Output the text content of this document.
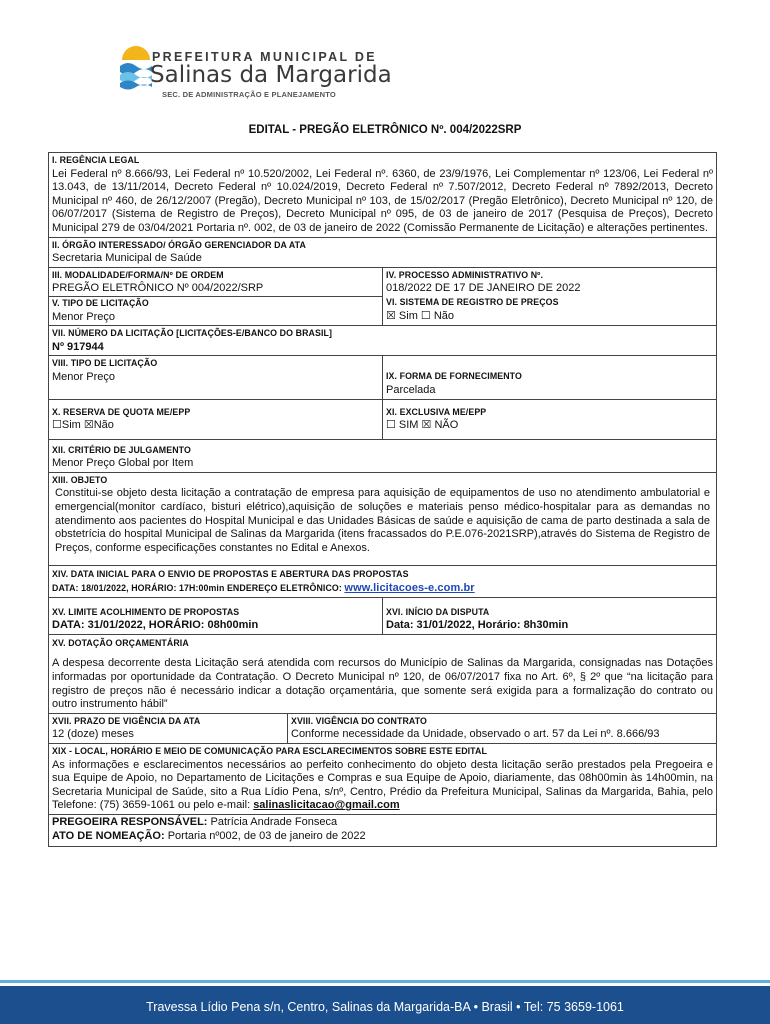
PREFEITURA MUNICIPAL DE
Salinas da Margarida
SEC. DE ADMINISTRAÇÃO E PLANEJAMENTO
EDITAL - PREGÃO ELETRÔNICO Nº. 004/2022SRP
I. REGÊNCIA LEGAL
Lei Federal nº 8.666/93, Lei Federal nº 10.520/2002, Lei Federal nº. 6360, de 23/9/1976, Lei Complementar nº 123/06, Lei Federal nº 13.043, de 13/11/2014, Decreto Federal nº 10.024/2019, Decreto Federal nº 7.507/2012, Decreto Federal nº 7892/2013, Decreto Municipal nº 460, de 26/12/2007 (Pregão), Decreto Municipal nº 103, de 15/02/2017 (Pregão Eletrônico), Decreto Municipal nº 120, de 06/07/2017 (Sistema de Registro de Preços), Decreto Municipal nº 095, de 03 de janeiro de 2017 (Pesquisa de Preços), Decreto Municipal 279 de 03/04/2021 Portaria nº. 002, de 03 de janeiro de 2022 (Comissão Permanente de Licitação) e alterações pertinentes.
II. ÓRGÃO INTERESSADO/ ÓRGÃO GERENCIADOR DA ATA
Secretaria Municipal de Saúde
III. MODALIDADE/FORMA/Nº DE ORDEM
PREGÃO ELETRÔNICO Nº 004/2022/SRP
V. TIPO DE LICITAÇÃO
Menor Preço
IV. PROCESSO ADMINISTRATIVO Nº.
018/2022 DE 17 DE JANEIRO DE 2022
VI. SISTEMA DE REGISTRO DE PREÇOS
☒ Sim ☐ Não
VII. NÚMERO DA LICITAÇÃO [LICITAÇÕES-E/BANCO DO BRASIL]
Nº 917944
VIII. TIPO DE LICITAÇÃO
Menor Preço	IX. FORMA DE FORNECIMENTO
Parcelada
X. RESERVA DE QUOTA ME/EPP
☐Sim ☒Não
XI. EXCLUSIVA ME/EPP
☐ SIM ☒ NÃO
XII. CRITÉRIO DE JULGAMENTO
Menor Preço Global por Item
XIII. OBJETO
Constitui-se objeto desta licitação a contratação de empresa para aquisição de equipamentos de uso no atendimento ambulatorial e emergencial(monitor cardíaco, bisturi elétrico),aquisição de soluções e materiais penso médico-hospitalar para as demandas no atendimento aos pacientes do Hospital Municipal e das Unidades Básicas de saúde e aquisição de cama de parto destinada a sala de obstetrícia do hospital Municipal de Salinas da Margarida (itens fracassados do P.E.076-2021SRP),através do Sistema de Registro de Preços, conforme especificações constantes no Edital e Anexos.
XIV. DATA INICIAL PARA O ENVIO DE PROPOSTAS E ABERTURA DAS PROPOSTAS
DATA: 18/01/2022, HORÁRIO: 17H:00min ENDEREÇO ELETRÔNICO: www.licitacoes-e.com.br
XV. LIMITE ACOLHIMENTO DE PROPOSTAS
DATA: 31/01/2022, HORÁRIO: 08h00min
XVI. INÍCIO DA DISPUTA
Data: 31/01/2022, Horário: 8h30min
XV. DOTAÇÃO ORÇAMENTÁRIA
A despesa decorrente desta Licitação será atendida com recursos do Município de Salinas da Margarida, consignadas nas Dotações informadas por oportunidade da Contratação. O Decreto Municipal nº 120, de 06/07/2017 fixa no Art. 6º, § 2º que “na licitação para registro de preços não é necessário indicar a dotação orçamentária, que somente será exigida para a formalização do contrato ou outro instrumento hábil”
XVII. PRAZO DE VIGÊNCIA DA ATA
12 (doze) meses
XVIII. VIGÊNCIA DO CONTRATO
Conforme necessidade da Unidade, observado o art. 57 da Lei nº. 8.666/93
XIX - LOCAL, HORÁRIO E MEIO DE COMUNICAÇÃO PARA ESCLARECIMENTOS SOBRE ESTE EDITAL
As informações e esclarecimentos necessários ao perfeito conhecimento do objeto desta licitação serão prestados pela Pregoeira e sua Equipe de Apoio, no Departamento de Licitações e Compras e sua Equipe de Apoio, diariamente, das 08h00min às 14h00min, na Secretaria Municipal de Saúde, sito a Rua Lídio Pena, s/nº, Centro, Prédio da Prefeitura Municipal, Salinas da Margarida, Bahia, pelo Telefone: (75) 3659-1061 ou pelo e-mail: salinaslicitacao@gmail.com
PREGOEIRA RESPONSÁVEL: Patrícia Andrade Fonseca
ATO DE NOMEAÇÃO: Portaria nº002, de 03 de janeiro de 2022
Travessa Lídio Pena s/n, Centro, Salinas da Margarida-BA • Brasil • Tel: 75 3659-1061
